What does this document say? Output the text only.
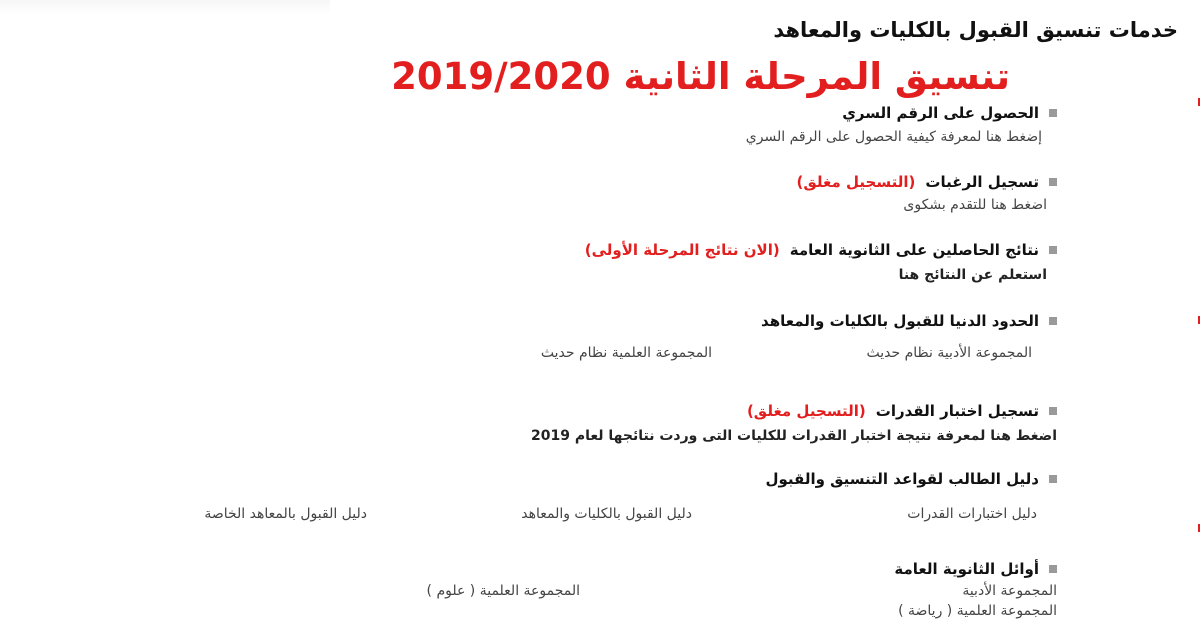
خدمات تنسيق القبول بالكليات والمعاهد
تنسيق المرحلة الثانية 2019/2020
الحصول على الرقم السري
إضغط هنا لمعرفة كيفية الحصول على الرقم السري
تسجيل الرغبات
(التسجيل مغلق)
اضغط هنا للتقدم بشكوى
نتائج الحاصلين على الثانوية العامة
(الان نتائج المرحلة الأولى)
استعلم عن النتائج هنا
الحدود الدنيا للقبول بالكليات والمعاهد
المجموعة الأدبية نظام حديث
المجموعة العلمية نظام حديث
تسجيل اختبار القدرات
(التسجيل مغلق)
اضغط هنا لمعرفة نتيجة اختبار القدرات للكليات التى وردت نتائجها لعام 2019
دليل الطالب لقواعد التنسيق والقبول
دليل اختبارات القدرات
دليل القبول بالكليات والمعاهد
دليل القبول بالمعاهد الخاصة
أوائل الثانوية العامة
المجموعة الأدبية
المجموعة العلمية ( علوم )
المجموعة العلمية ( رياضة )
